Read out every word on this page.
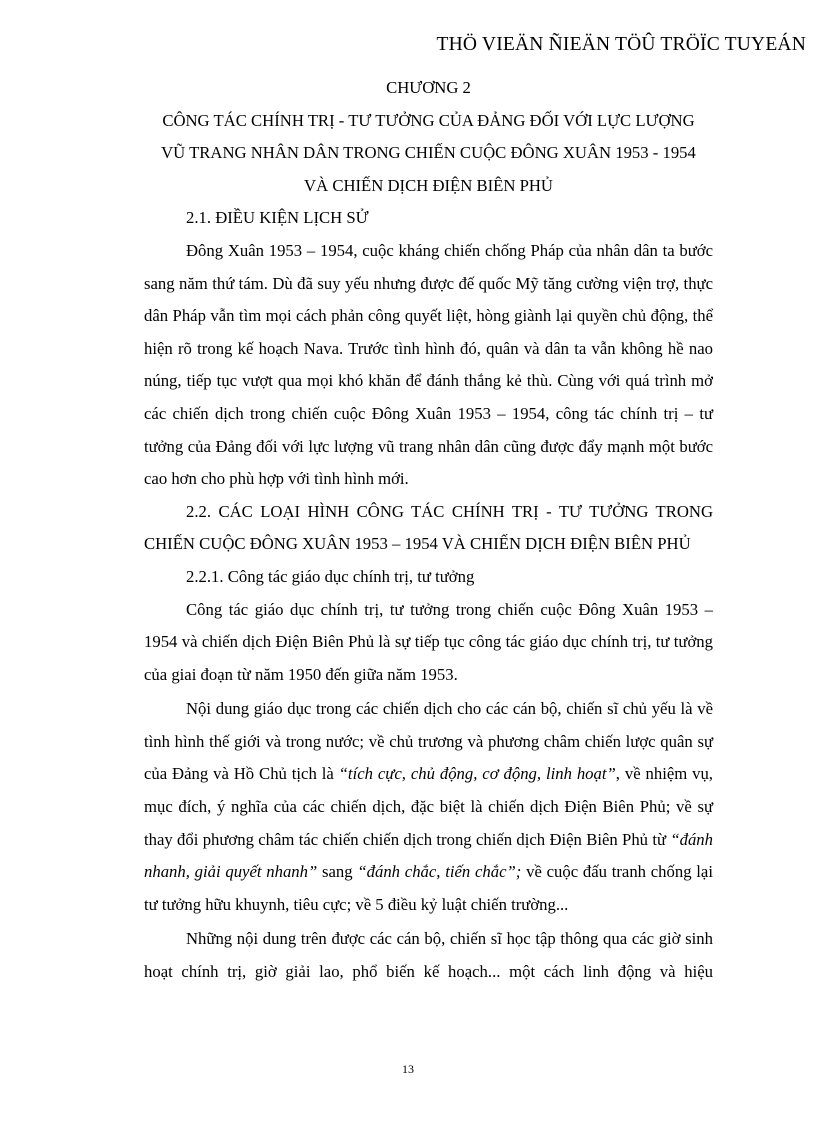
THÖ VIEÄN ÑIEÄN TÖÛ TRÖÏC TUYEÁN

CHƯƠNG 2

CÔNG TÁC CHÍNH TRỊ - TƯ TƯỞNG CỦA ĐẢNG ĐỐI VỚI LỰC LƯỢNG

VŨ TRANG NHÂN DÂN TRONG CHIẾN CUỘC ĐÔNG XUÂN 1953 - 1954

VÀ CHIẾN DỊCH ĐIỆN BIÊN PHỦ

2.1. ĐIỀU KIỆN LỊCH SỬ

Đông Xuân 1953 – 1954, cuộc kháng chiến chống Pháp của nhân dân ta bước sang năm thứ tám. Dù đã suy yếu nhưng được đế quốc Mỹ tăng cường viện trợ, thực dân Pháp vẫn tìm mọi cách phản công quyết liệt, hòng giành lại quyền chủ động, thể hiện rõ trong kế hoạch Nava. Trước tình hình đó, quân và dân ta vẫn không hề nao núng, tiếp tục vượt qua mọi khó khăn để đánh thắng kẻ thù. Cùng với quá trình mở các chiến dịch trong chiến cuộc Đông Xuân 1953 – 1954, công tác chính trị – tư tưởng của Đảng đối với lực lượng vũ trang nhân dân cũng được đẩy mạnh một bước cao hơn cho phù hợp với tình hình mới.

2.2. CÁC LOẠI HÌNH CÔNG TÁC CHÍNH TRỊ - TƯ TƯỞNG TRONG CHIẾN CUỘC ĐÔNG XUÂN 1953 – 1954 VÀ CHIẾN DỊCH ĐIỆN BIÊN PHỦ

2.2.1. Công tác giáo dục chính trị, tư tưởng

Công tác giáo dục chính trị, tư tưởng trong chiến cuộc Đông Xuân 1953 – 1954 và chiến dịch Điện Biên Phủ là sự tiếp tục công tác giáo dục chính trị, tư tưởng của giai đoạn từ năm 1950 đến giữa năm 1953.

Nội dung giáo dục trong các chiến dịch cho các cán bộ, chiến sĩ chủ yếu là về tình hình thế giới và trong nước; về chủ trương và phương châm chiến lược quân sự của Đảng và Hồ Chủ tịch là “tích cực, chủ động, cơ động, linh hoạt”, về nhiệm vụ, mục đích, ý nghĩa của các chiến dịch, đặc biệt là chiến dịch Điện Biên Phủ; về sự thay đổi phương châm tác chiến chiến dịch trong chiến dịch Điện Biên Phủ từ “đánh nhanh, giải quyết nhanh” sang “đánh chắc, tiến chắc”; về cuộc đấu tranh chống lại tư tưởng hữu khuynh, tiêu cực; về 5 điều kỷ luật chiến trường...

Những nội dung trên được các cán bộ, chiến sĩ học tập thông qua các giờ sinh hoạt chính trị, giờ giải lao, phổ biến kế hoạch... một cách linh động và hiệu

13
